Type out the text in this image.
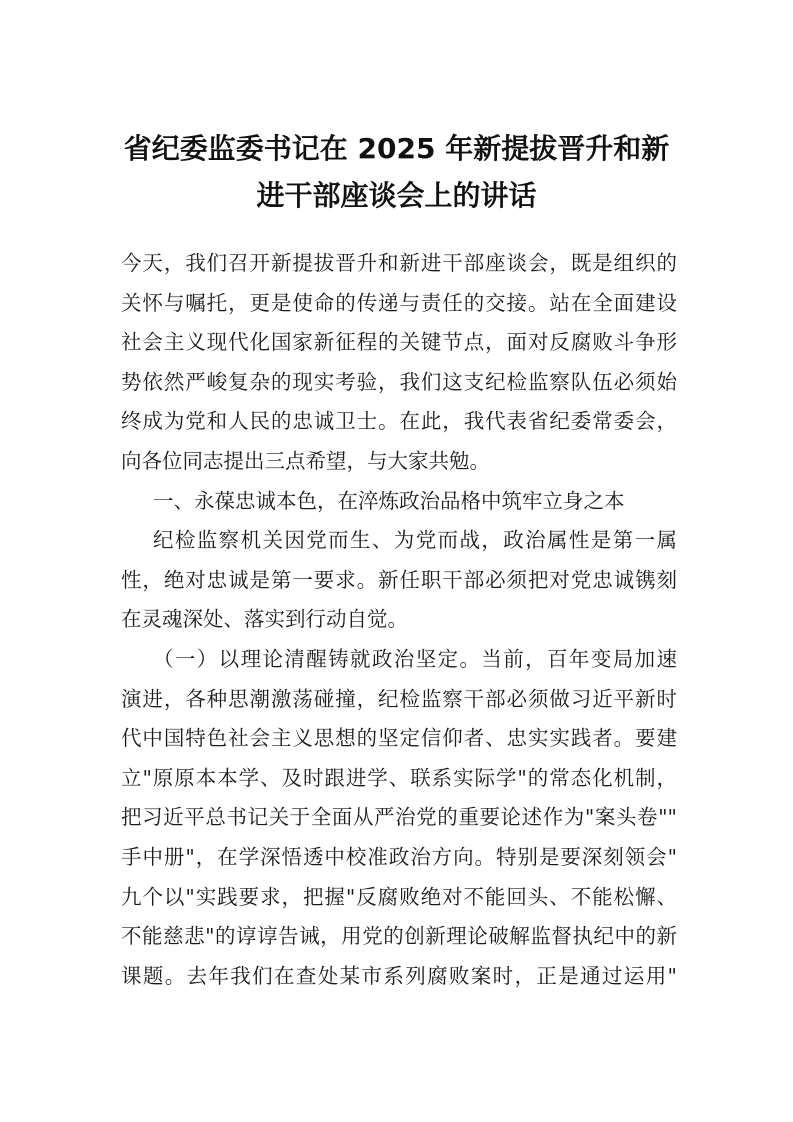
省纪委监委书记在 2025 年新提拔晋升和新
进干部座谈会上的讲话
今天，我们召开新提拔晋升和新进干部座谈会，既是组织的
关怀与嘱托，更是使命的传递与责任的交接。站在全面建设
社会主义现代化国家新征程的关键节点，面对反腐败斗争形
势依然严峻复杂的现实考验，我们这支纪检监察队伍必须始
终成为党和人民的忠诚卫士。在此，我代表省纪委常委会，
向各位同志提出三点希望，与大家共勉。
一、永葆忠诚本色，在淬炼政治品格中筑牢立身之本
纪检监察机关因党而生、为党而战，政治属性是第一属
性，绝对忠诚是第一要求。新任职干部必须把对党忠诚镌刻
在灵魂深处、落实到行动自觉。
（一）以理论清醒铸就政治坚定。当前，百年变局加速
演进，各种思潮激荡碰撞，纪检监察干部必须做习近平新时
代中国特色社会主义思想的坚定信仰者、忠实实践者。要建
立"原原本本学、及时跟进学、联系实际学"的常态化机制，
把习近平总书记关于全面从严治党的重要论述作为"案头卷""
手中册"，在学深悟透中校准政治方向。特别是要深刻领会"
九个以"实践要求，把握"反腐败绝对不能回头、不能松懈、
不能慈悲"的谆谆告诫，用党的创新理论破解监督执纪中的新
课题。去年我们在查处某市系列腐败案时，正是通过运用"
